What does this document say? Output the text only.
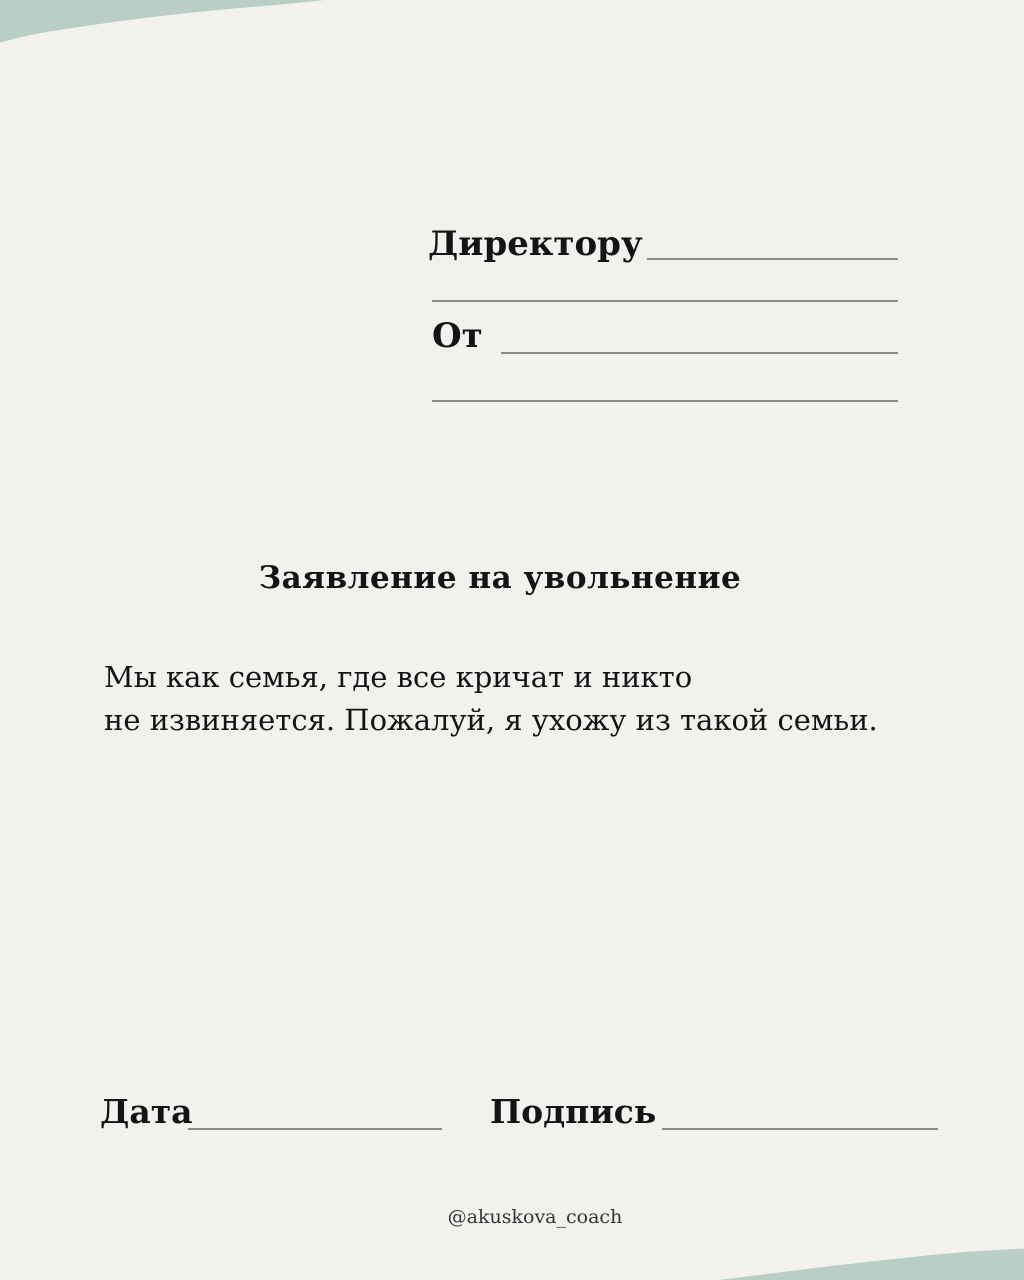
Директору
От
Заявление на увольнение
Мы как семья, где все кричат и никто
не извиняется. Пожалуй, я ухожу из такой семьи.
Дата	Подпись
@akuskova_coach
